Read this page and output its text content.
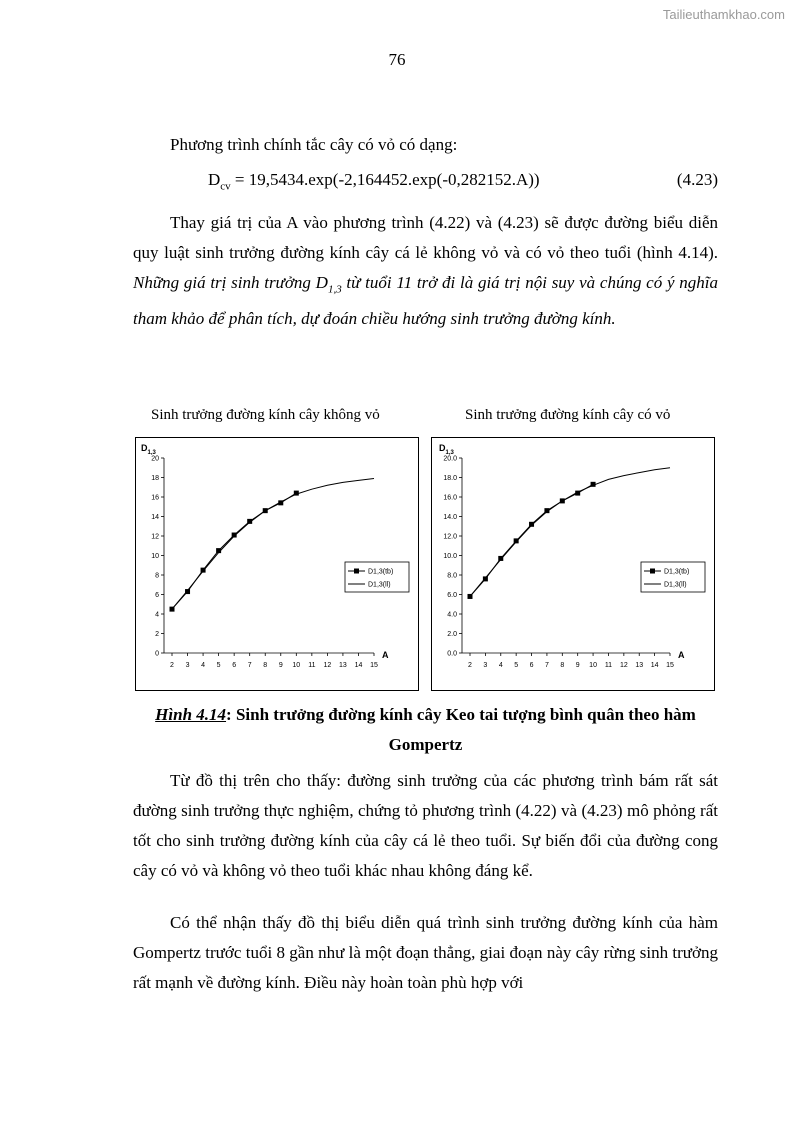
Tailieuthamkhao.com
76
Phương trình chính tắc cây có vỏ có dạng:
$D_{cv} = 19,5434.\exp(-2,164452.\exp(-0,282152.A))$	(4.23)
Thay giá trị của A vào phương trình (4.22) và (4.23) sẽ được đường biểu diễn quy luật sinh trưởng đường kính cây cá lẻ không vỏ và có vỏ theo tuổi (hình 4.14). Những giá trị sinh trưởng $D_{1,3}$ từ tuổi 11 trở đi là giá trị nội suy và chúng có ý nghĩa tham khảo để phân tích, dự đoán chiều hướng sinh trưởng đường kính.
Sinh trưởng đường kính cây không vỏ	Sinh trưởng đường kính cây có vỏ
$D_{1,3}$
0
2
4
6
8
10
12
14
16
18
20
2 3 4 5 6 7 8 9 10 11 12 13 14 15
A
D1,3(tb)
D1,3(ll)
$D_{1,3}$
0.0
2.0
4.0
6.0
8.0
10.0
12.0
14.0
16.0
18.0
20.0
2 3 4 5 6 7 8 9 10 11 12 13 14 15
A
D1,3(tb)
D1,3(ll)
Hình 4.14: Sinh trưởng đường kính cây Keo tai tượng bình quân theo hàm Gompertz
Từ đồ thị trên cho thấy: đường sinh trưởng của các phương trình bám rất sát đường sinh trưởng thực nghiệm, chứng tỏ phương trình (4.22) và (4.23) mô phỏng rất tốt cho sinh trưởng đường kính của cây cá lẻ theo tuổi. Sự biến đổi của đường cong cây có vỏ và không vỏ theo tuổi khác nhau không đáng kể.
Có thể nhận thấy đồ thị biểu diễn quá trình sinh trưởng đường kính của hàm Gompertz trước tuổi 8 gần như là một đoạn thẳng, giai đoạn này cây rừng sinh trưởng rất mạnh về đường kính. Điều này hoàn toàn phù hợp với
